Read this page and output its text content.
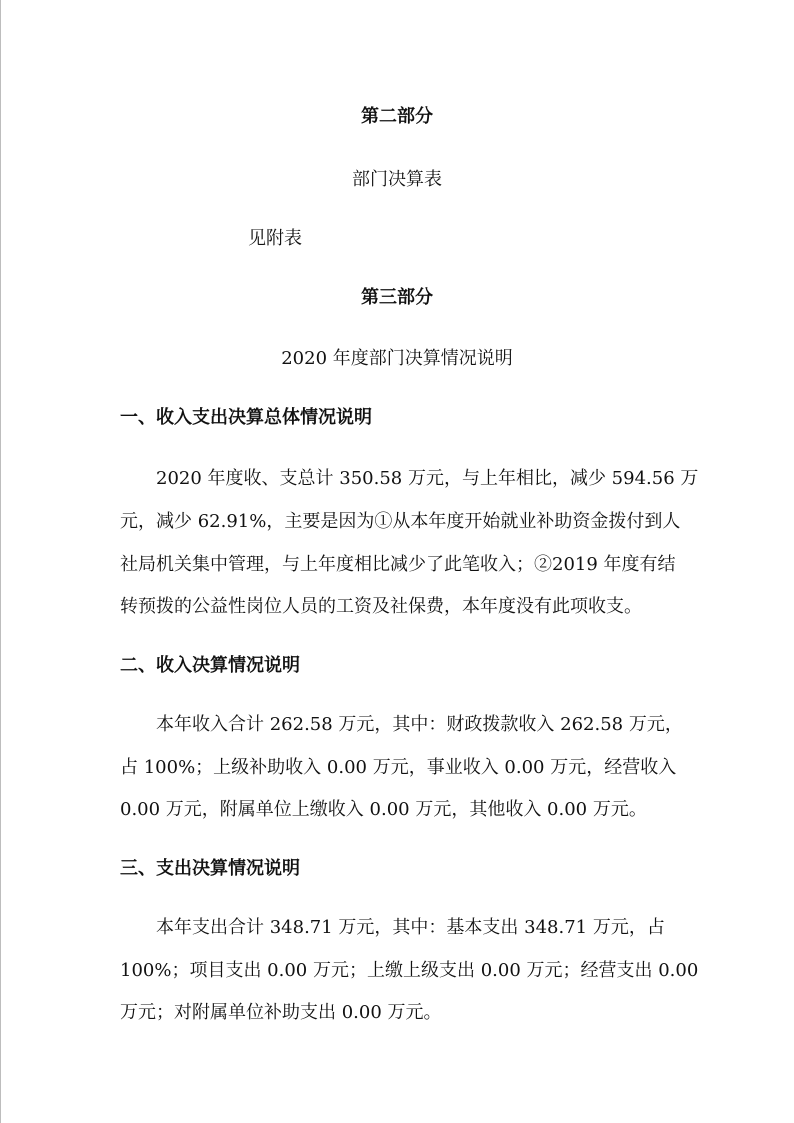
第二部分

部门决算表

见附表

第三部分

2020 年度部门决算情况说明

一、收入支出决算总体情况说明

2020 年度收、支总计 350.58 万元，与上年相比，减少 594.56 万

元，减少 62.91%，主要是因为①从本年度开始就业补助资金拨付到人

社局机关集中管理，与上年度相比减少了此笔收入；②2019 年度有结

转预拨的公益性岗位人员的工资及社保费，本年度没有此项收支。

二、收入决算情况说明

本年收入合计 262.58 万元，其中：财政拨款收入 262.58 万元，

占 100%；上级补助收入 0.00 万元，事业收入 0.00 万元，经营收入

0.00 万元，附属单位上缴收入 0.00 万元，其他收入 0.00 万元。

三、支出决算情况说明

本年支出合计 348.71 万元，其中：基本支出 348.71 万元，占

100%；项目支出 0.00 万元；上缴上级支出 0.00 万元；经营支出 0.00

万元；对附属单位补助支出 0.00 万元。
